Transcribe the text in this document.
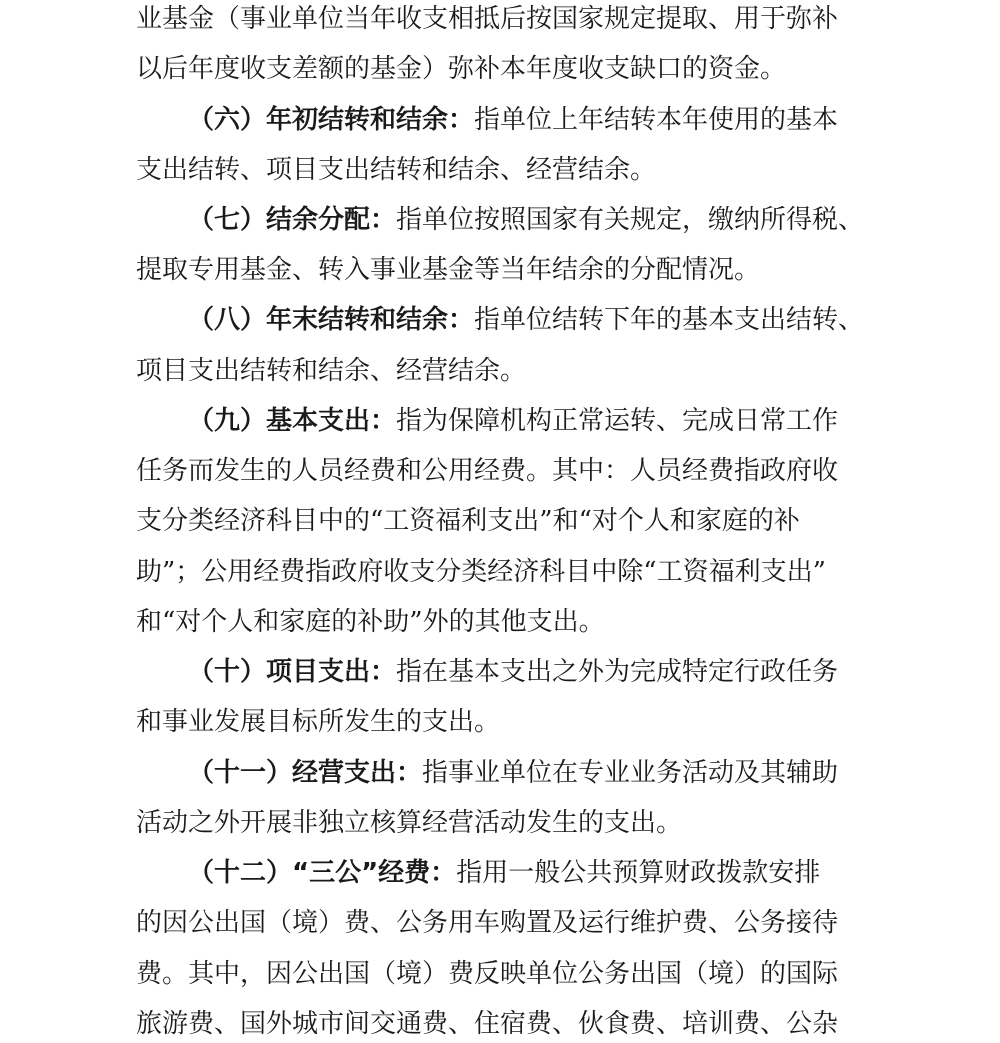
业基金（事业单位当年收支相抵后按国家规定提取、用于弥补
以后年度收支差额的基金）弥补本年度收支缺口的资金。
（六）年初结转和结余：指单位上年结转本年使用的基本
支出结转、项目支出结转和结余、经营结余。
（七）结余分配：指单位按照国家有关规定，缴纳所得税、
提取专用基金、转入事业基金等当年结余的分配情况。
（八）年末结转和结余：指单位结转下年的基本支出结转、
项目支出结转和结余、经营结余。
（九）基本支出：指为保障机构正常运转、完成日常工作
任务而发生的人员经费和公用经费。其中：人员经费指政府收
支分类经济科目中的“工资福利支出”和“对个人和家庭的补
助”；公用经费指政府收支分类经济科目中除“工资福利支出”
和“对个人和家庭的补助”外的其他支出。
（十）项目支出：指在基本支出之外为完成特定行政任务
和事业发展目标所发生的支出。
（十一）经营支出：指事业单位在专业业务活动及其辅助
活动之外开展非独立核算经营活动发生的支出。
（十二）“三公”经费：指用一般公共预算财政拨款安排
的因公出国（境）费、公务用车购置及运行维护费、公务接待
费。其中，因公出国（境）费反映单位公务出国（境）的国际
旅游费、国外城市间交通费、住宿费、伙食费、培训费、公杂
